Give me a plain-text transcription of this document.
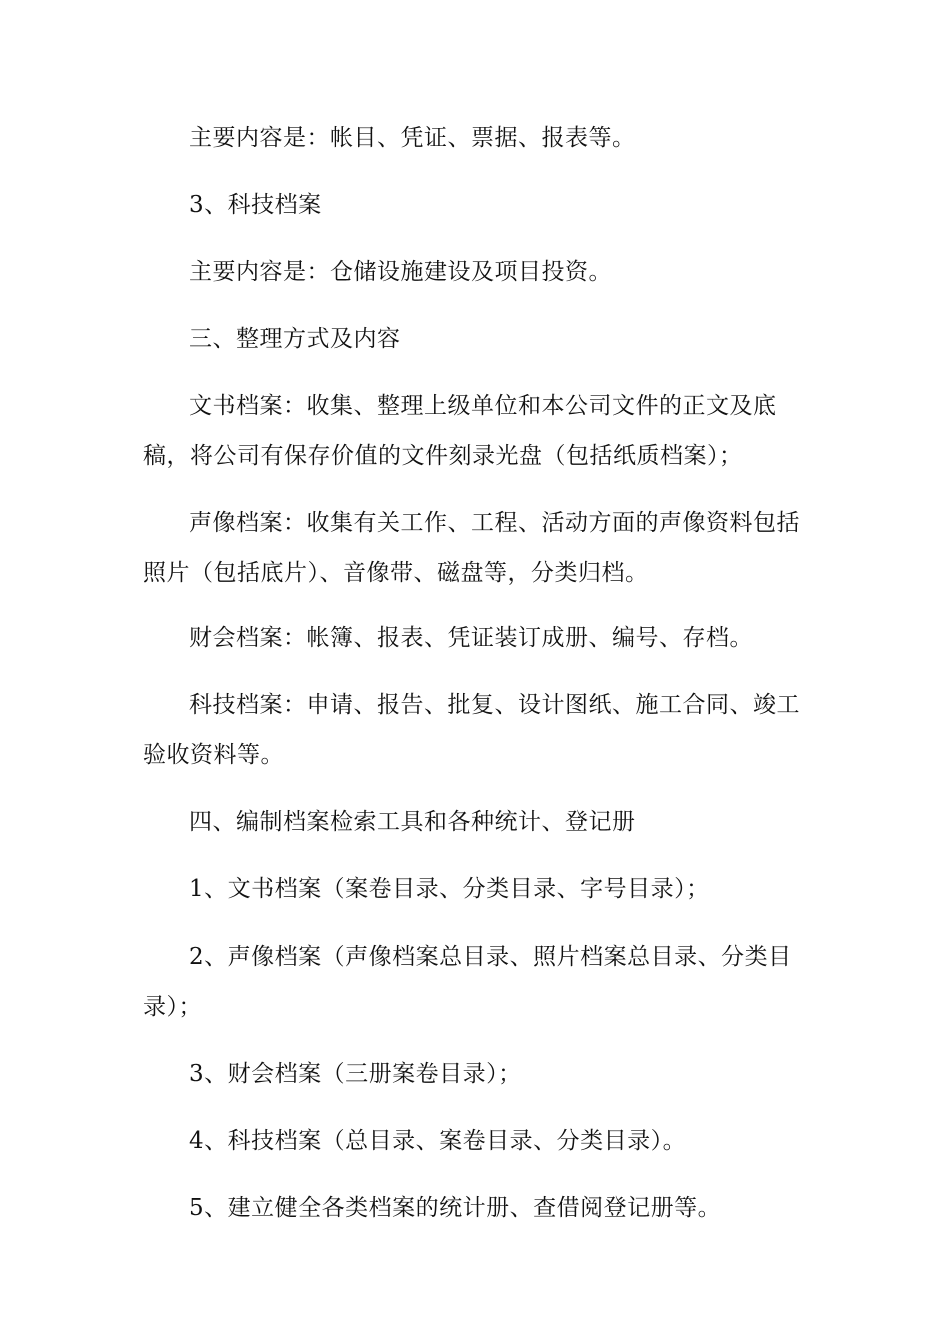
主要内容是：帐目、凭证、票据、报表等。

3、科技档案

主要内容是：仓储设施建设及项目投资。

三、整理方式及内容

文书档案：收集、整理上级单位和本公司文件的正文及底稿，将公司有保存价值的文件刻录光盘（包括纸质档案）；

声像档案：收集有关工作、工程、活动方面的声像资料包括照片（包括底片）、音像带、磁盘等，分类归档。

财会档案：帐簿、报表、凭证装订成册、编号、存档。

科技档案：申请、报告、批复、设计图纸、施工合同、竣工验收资料等。

四、编制档案检索工具和各种统计、登记册

1、文书档案（案卷目录、分类目录、字号目录）；

2、声像档案（声像档案总目录、照片档案总目录、分类目录）；

3、财会档案（三册案卷目录）；

4、科技档案（总目录、案卷目录、分类目录）。

5、建立健全各类档案的统计册、查借阅登记册等。
